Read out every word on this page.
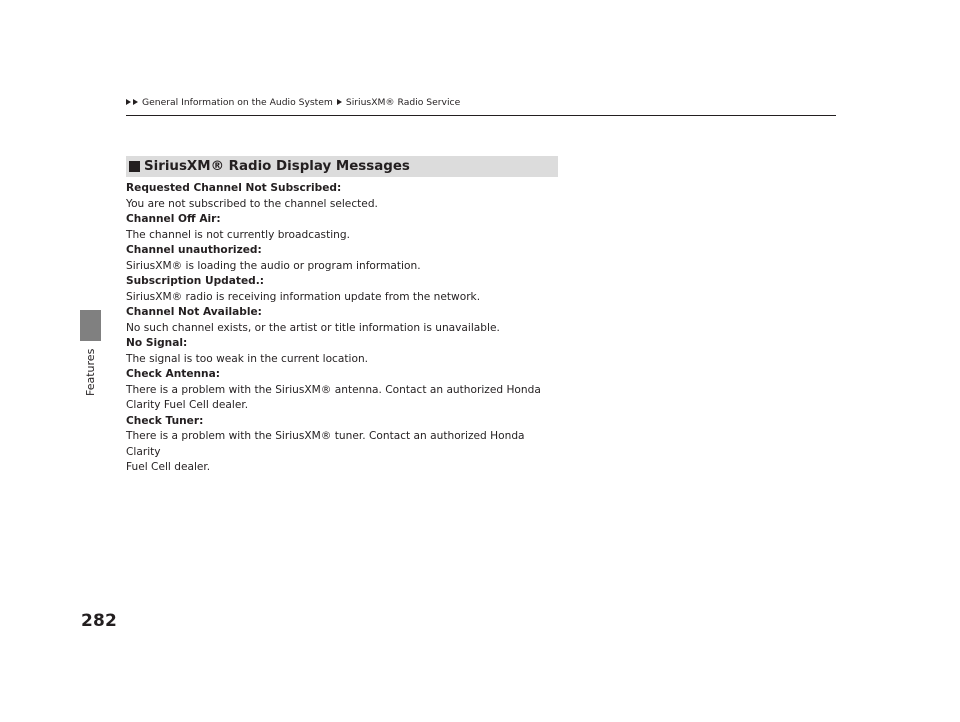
Features
282
General Information on the Audio System SiriusXM® Radio Service
SiriusXM® Radio Display Messages
Requested Channel Not Subscribed:
You are not subscribed to the channel selected.
Channel Off Air:
The channel is not currently broadcasting.
Channel unauthorized:
SiriusXM® is loading the audio or program information.
Subscription Updated.:
SiriusXM® radio is receiving information update from the network.
Channel Not Available:
No such channel exists, or the artist or title information is unavailable.
No Signal:
The signal is too weak in the current location.
Check Antenna:
There is a problem with the SiriusXM® antenna. Contact an authorized Honda
Clarity Fuel Cell dealer.
Check Tuner:
There is a problem with the SiriusXM® tuner. Contact an authorized Honda Clarity
Fuel Cell dealer.
